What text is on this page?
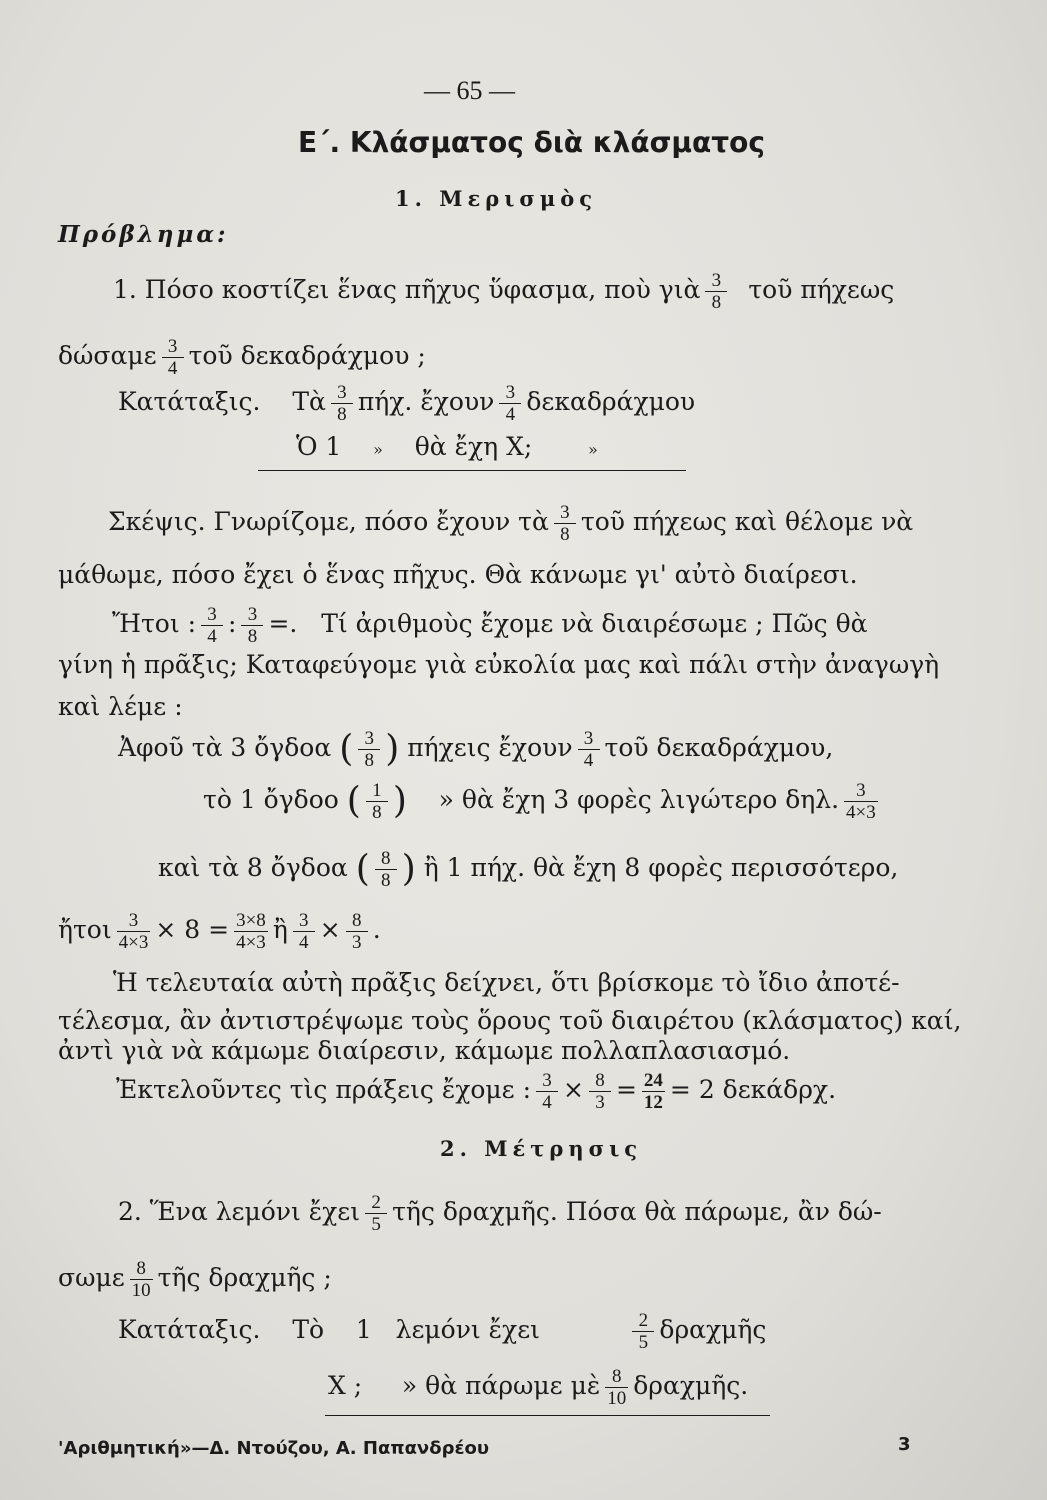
— 65 —
Ε΄. Κλάσματος διὰ κλάσματος
1. Μερισμὸς
Πρόβλημα:
1. Πόσο κοστίζει ἕνας πῆχυς ὕφασμα, ποὺ γιὰ $\frac{3}{8}$ τοῦ πήχεως
δώσαμε $\frac{3}{4}$ τοῦ δεκαδράχμου ;
Κατάταξις. Τὰ $\frac{3}{8} \pi ή\chi$. ἔχουν $\frac{3}{4}$ δεκαδράχμου
Ὁ 1 » θὰ ἔχη Χ;	»
Σκέψις. Γνωρίζομε, πόσο ἔχουν τὰ $\frac{3}{8}$ τοῦ πήχεως καὶ θέλομε νὰ
μάθωμε, πόσο ἔχει ὁ ἕνας πῆχυς. Θὰ κάνωμε γι' αὐτὸ διαίρεσι.
Ἤτοι : $\frac{3}{4}$ : $\frac{3}{8}$ =. Τί ἀριθμοὺς ἔχομε νὰ διαιρέσωμε ; Πῶς θὰ
γίνη ἡ πρᾶξις; Καταφεύγομε γιὰ εὐκολία μας καὶ πάλι στὴν ἀναγωγὴ
καὶ λέμε :
Ἀφοῦ τὰ 3 ὄγδοα ( $\frac{3}{8}$ ) πήχεις ἔχουν $\frac{3}{4}$ τοῦ δεκαδράχμου,
τὸ 1 ὄγδοο ( $\frac{1}{8}$ ) » θὰ ἔχη 3 φορὲς λιγώτερο δηλ. $\frac{3}{4\times 3}$
καὶ τὰ 8 ὄγδοα ( $\frac{8}{8}$ ) ἢ 1 πήχ. θὰ ἔχη 8 φορὲς περισσότερο,
ἤτοι $\frac{3}{4\times 3} \times 8 = \frac{3\times 8}{4\times 3}$ ἢ $\frac{3}{4} \times \frac{8}{3}$ .
Ἡ τελευταία αὐτὴ πρᾶξις δείχνει, ὅτι βρίσκομε τὸ ἴδιο ἀποτέ-
τέλεσμα, ἂν ἀντιστρέψωμε τοὺς ὅρους τοῦ διαιρέτου (κλάσματος) καί,
ἀντὶ γιὰ νὰ κάμωμε διαίρεσιν, κάμωμε πολλαπλασιασμό.
Ἐκτελοῦντες τὶς πράξεις ἔχομε : $\frac{3}{4} \times \frac{8}{3} = \frac{24}{12} = 2$ δεκάδρχ.
2. Μέτρησις
2. Ἕνα λεμόνι ἔχει $\frac{2}{5}$ τῆς δραχμῆς. Πόσα θὰ πάρωμε, ἂν δώ-
σωμε $\frac{8}{10}$ τῆς δραχμῆς ;
Κατάταξις. Τὸ 1 λεμόνι ἔχει	$\frac{2}{5}$ δραχμῆς
Χ ; » θὰ πάρωμε μὲ $\frac{8}{10}$ δραχμῆς.
'Αριθμητική»—Δ. Ντούζου, Α. Παπανδρέου	3
